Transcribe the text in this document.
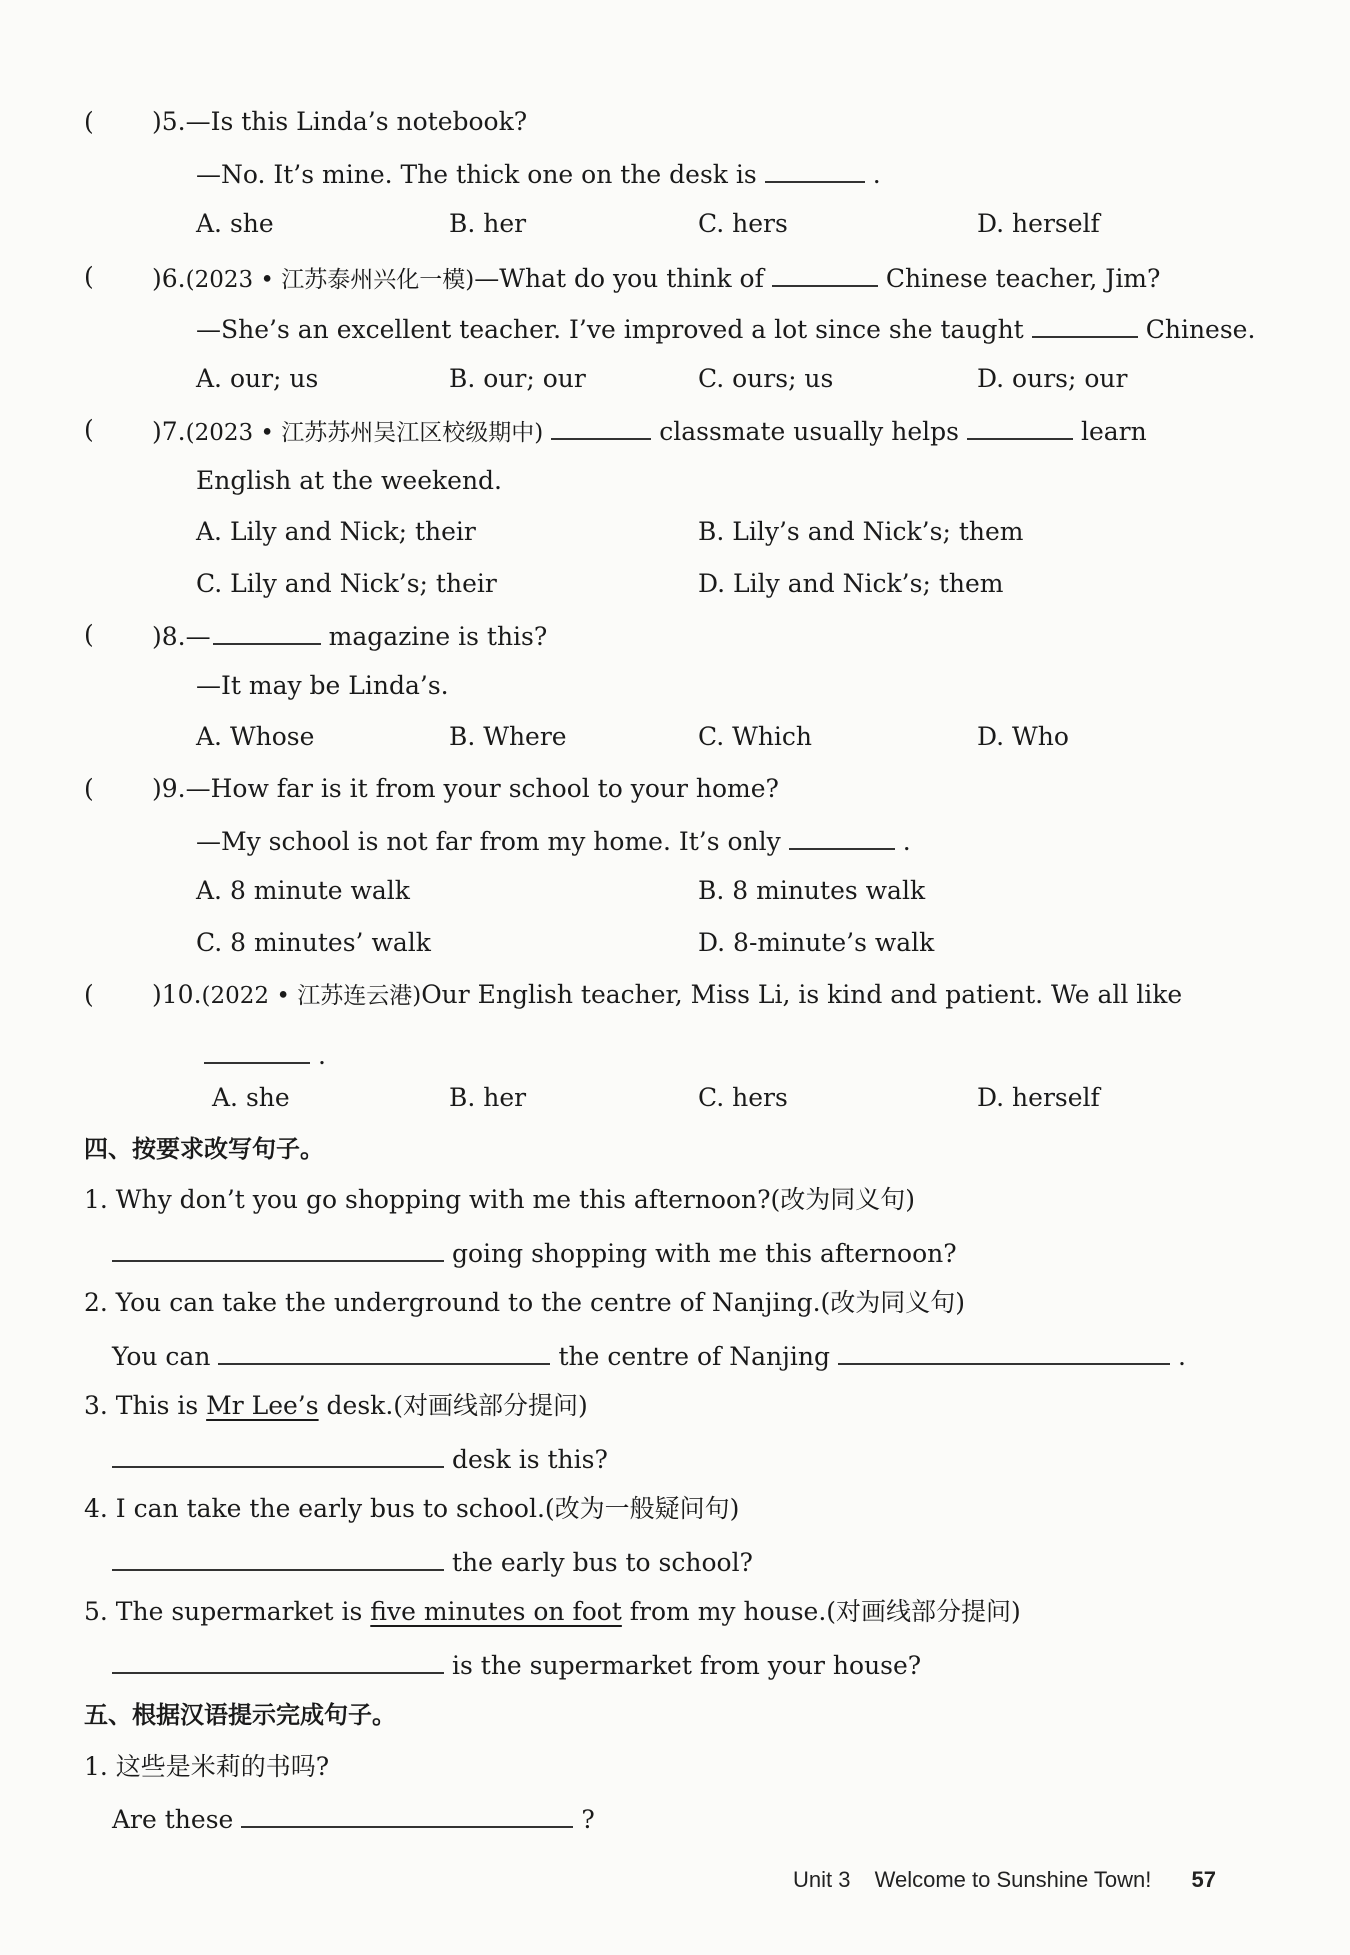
( )5.—Is this Linda’s notebook?
—No. It’s mine. The thick one on the desk is	.
A. she	B. her	C. hers	D. herself
( )6.(2023 • 江苏泰州兴化一模)—What do you think of	Chinese teacher, Jim?
—She’s an excellent teacher. I’ve improved a lot since she taught	Chinese.
A. our; us	B. our; our	C. ours; us	D. ours; our
( )7.(2023 • 江苏苏州吴江区校级期中)	classmate usually helps	learn
English at the weekend.
A. Lily and Nick; their	B. Lily’s and Nick’s; them
C. Lily and Nick’s; their	D. Lily and Nick’s; them
( )8.—	magazine is this?
—It may be Linda’s.
A. Whose	B. Where	C. Which	D. Who
( )9.—How far is it from your school to your home?
—My school is not far from my home. It’s only	.
A. 8 minute walk	B. 8 minutes walk
C. 8 minutes’ walk	D. 8-minute’s walk
( )10.(2022 • 江苏连云港)Our English teacher, Miss Li, is kind and patient. We all like
.
A. she	B. her	C. hers	D. herself
四、按要求改写句子。
1. Why don’t you go shopping with me this afternoon?(改为同义句)
going shopping with me this afternoon?
2. You can take the underground to the centre of Nanjing.(改为同义句)
You can	the centre of Nanjing	.
3. This is Mr Lee’s desk.(对画线部分提问)
desk is this?
4. I can take the early bus to school.(改为一般疑问句)
the early bus to school?
5. The supermarket is five minutes on foot from my house.(对画线部分提问)
is the supermarket from your house?
五、根据汉语提示完成句子。
1. 这些是米莉的书吗?
Are these	?
Unit 3 Welcome to Sunshine Town! 57
